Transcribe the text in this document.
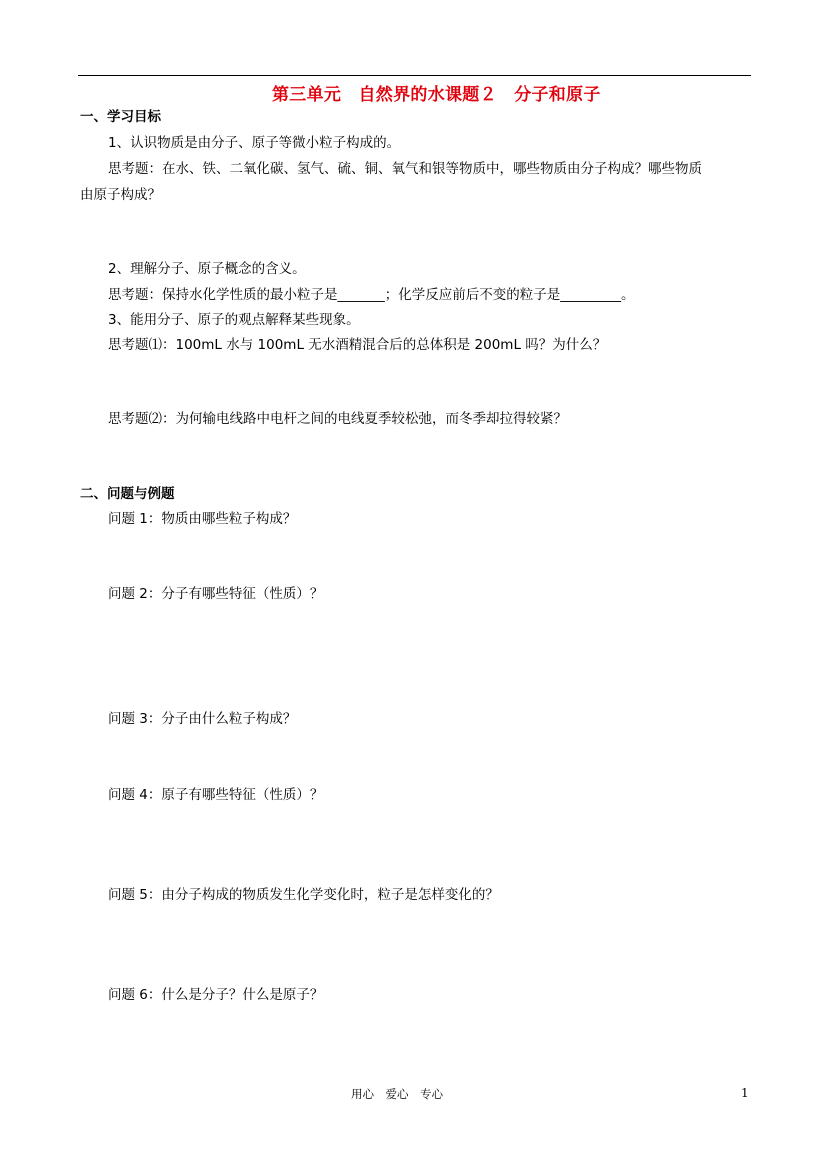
第三单元　自然界的水课题２　分子和原子
一、学习目标
1、认识物质是由分子、原子等微小粒子构成的。
思考题：在水、铁、二氧化碳、氢气、硫、铜、氧气和银等物质中，哪些物质由分子构成？哪些物质
由原子构成？
2、理解分子、原子概念的含义。
思考题：保持水化学性质的最小粒子是_______；化学反应前后不变的粒子是_________。
3、能用分子、原子的观点解释某些现象。
思考题⑴：100mL 水与 100mL 无水酒精混合后的总体积是 200mL 吗？为什么？
思考题⑵：为何输电线路中电杆之间的电线夏季较松弛，而冬季却拉得较紧？
二、问题与例题
问题 1：物质由哪些粒子构成？
问题 2：分子有哪些特征（性质）？
问题 3：分子由什么粒子构成？
问题 4：原子有哪些特征（性质）？
问题 5：由分子构成的物质发生化学变化时，粒子是怎样变化的？
问题 6：什么是分子？什么是原子？
用心　爱心　专心	1
